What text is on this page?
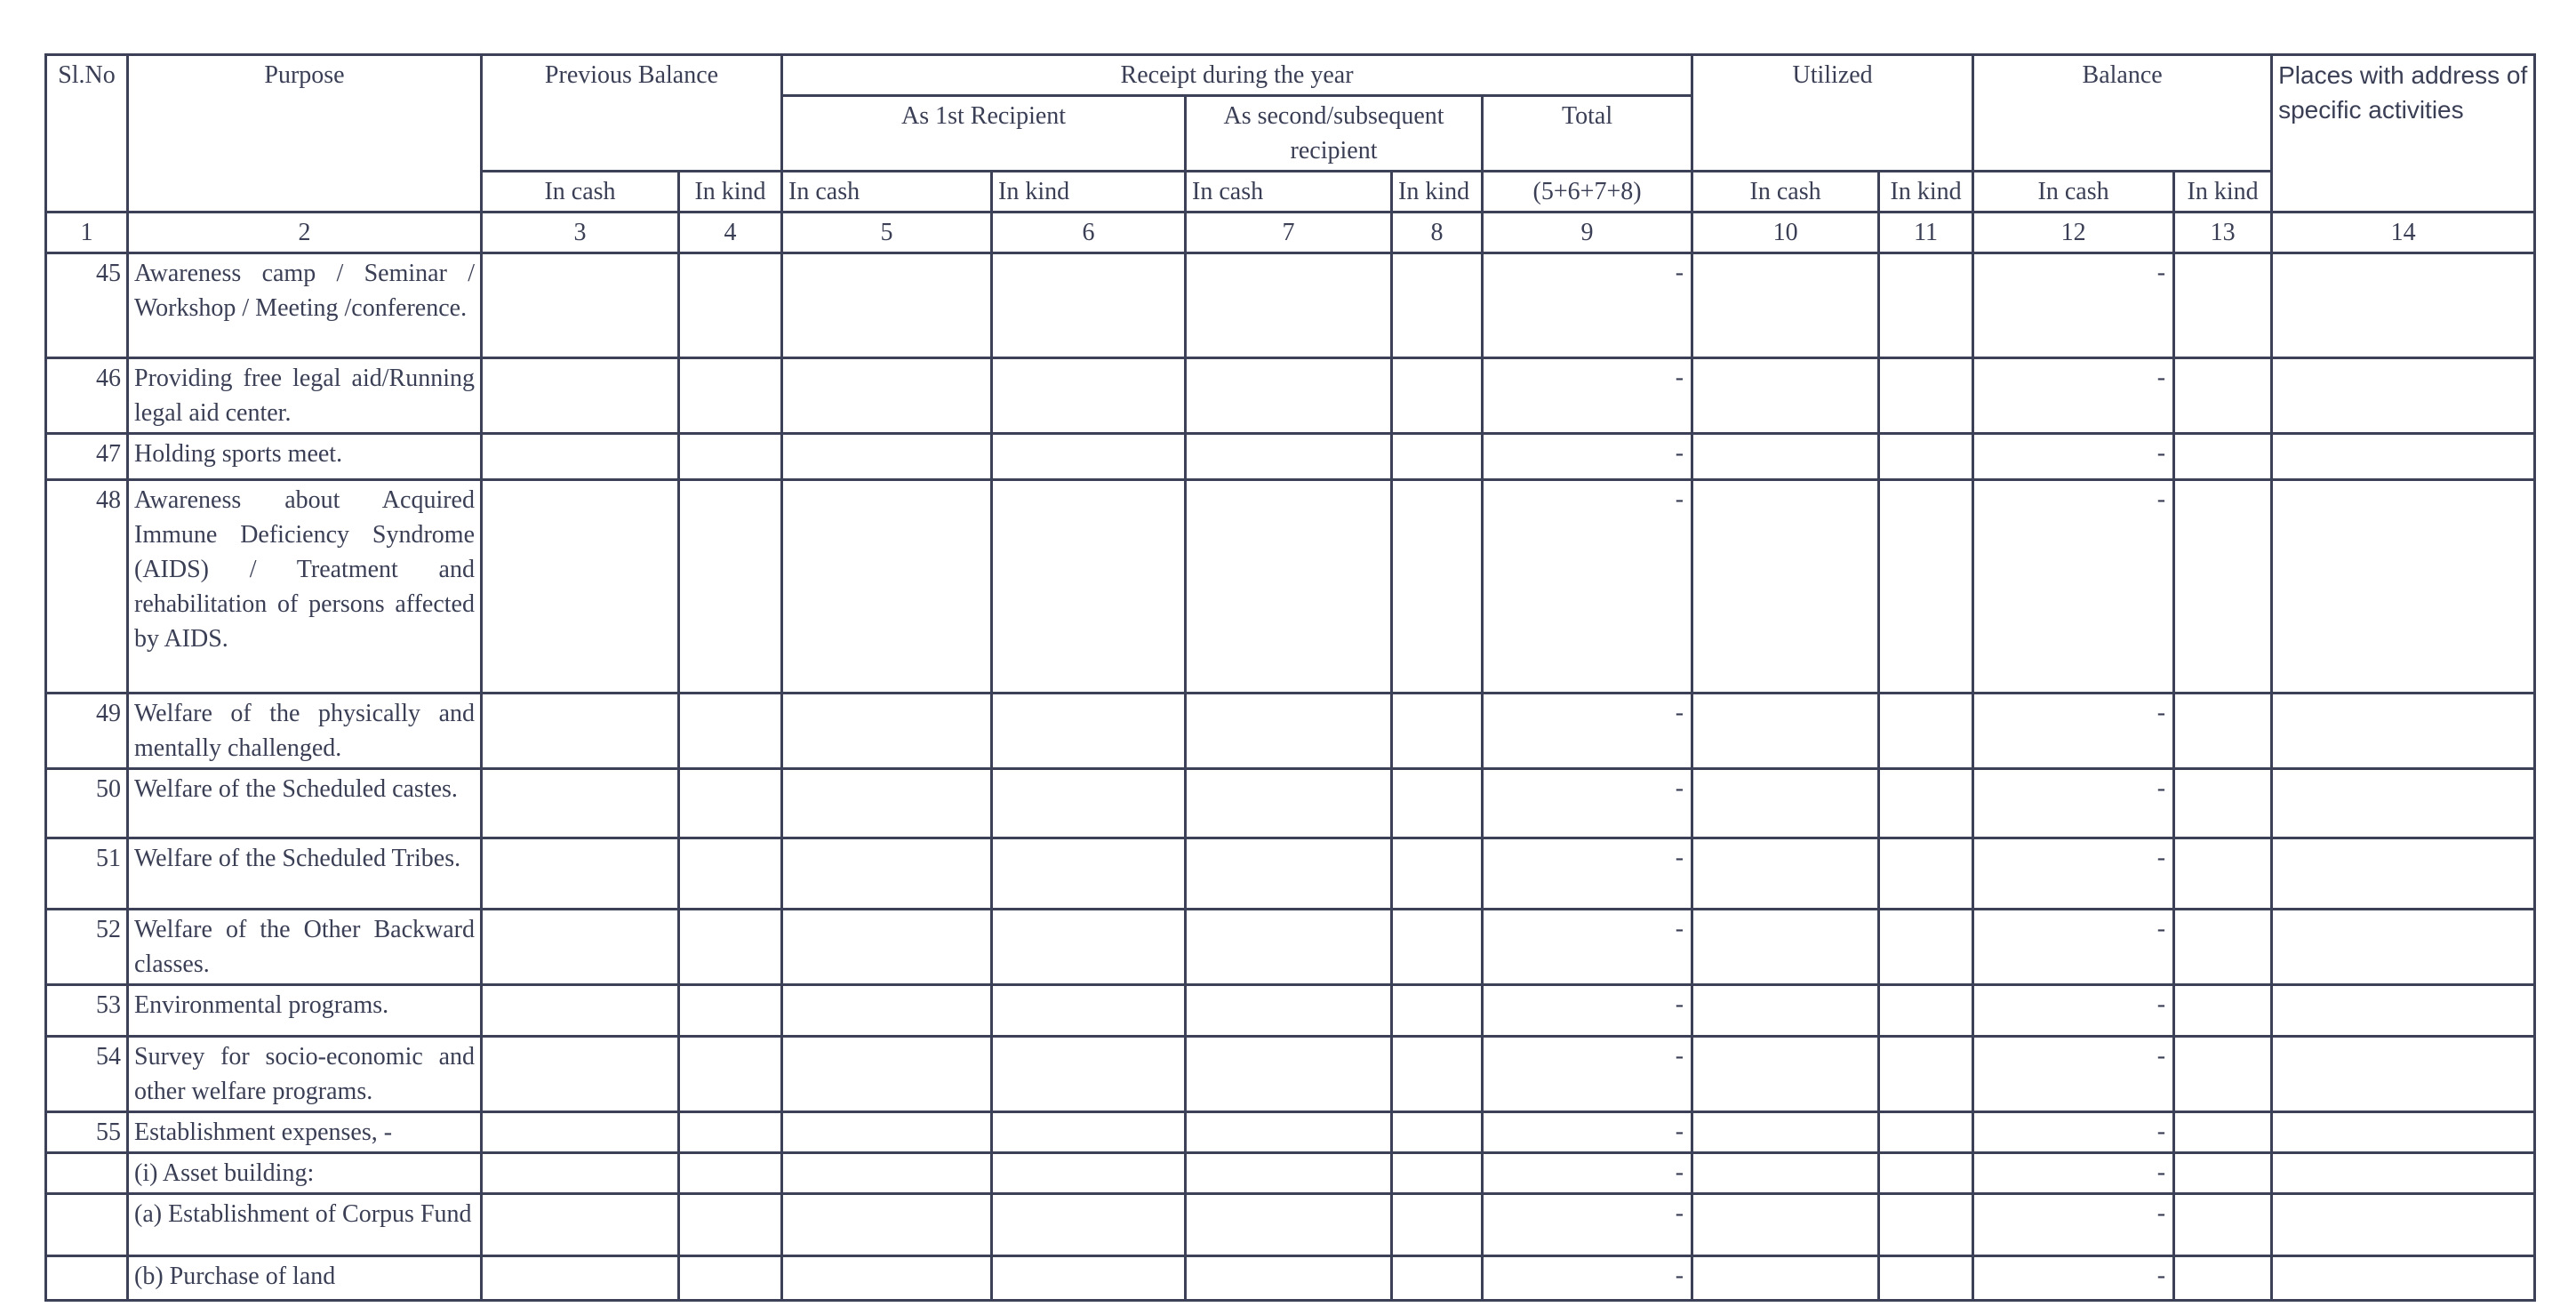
Sl.No	Purpose	Previous Balance		Receipt during the year					Utilized		Balance		Places with address of specific activities
				As 1st Recipient		As second/subsequent recipient		Total					
		In cash	In kind	In cash	In kind	In cash	In kind	(5+6+7+8)	In cash	In kind	In cash	In kind	
1	2	3	4	5	6	7	8	9	10	11	12	13	14
45	Awareness camp / Seminar / Workshop / Meeting /conference.							-			-		

46	Providing free legal aid/Running legal aid center.							-			-		

47	Holding sports meet.							-			-		

48	Awareness about Acquired Immune Deficiency Syndrome (AIDS) / Treatment and rehabilitation of persons affected by AIDS.							-			-		

49	Welfare of the physically and mentally challenged.							-			-		

50	Welfare of the Scheduled castes.							-			-		

51	Welfare of the Scheduled Tribes.							-			-		

52	Welfare of the Other Backward classes.							-			-		

53	Environmental programs.							-			-		

54	Survey for socio-economic and other welfare programs.							-			-		

55	Establishment expenses, -							-			-		

	(i) Asset building:							-			-		

	(a) Establishment of Corpus Fund							-			-		

	(b) Purchase of land							-			-		
